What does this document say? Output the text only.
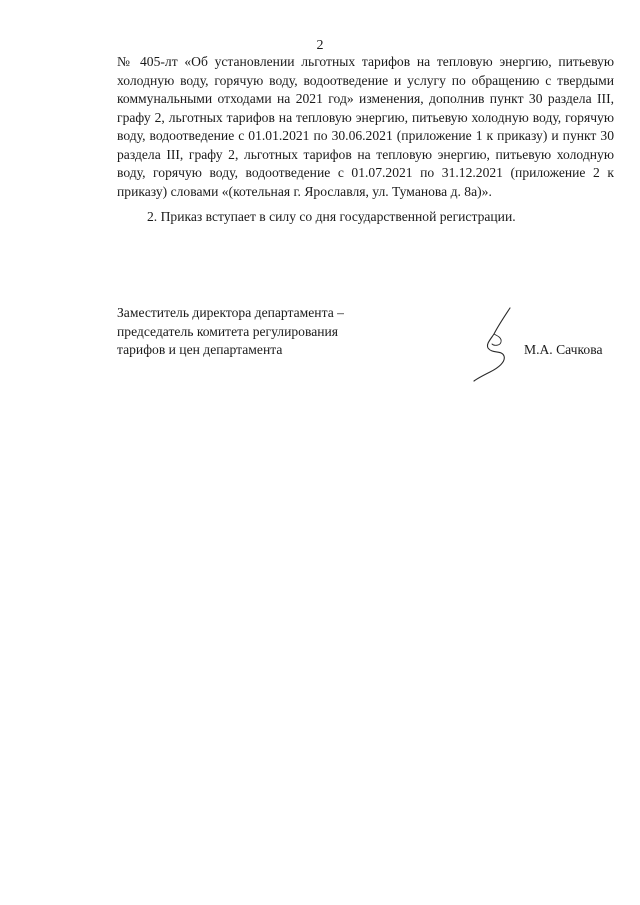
2

№ 405-лт «Об установлении льготных тарифов на тепловую энергию, питьевую холодную воду, горячую воду, водоотведение и услугу по обращению с твердыми коммунальными отходами на 2021 год» изменения, дополнив пункт 30 раздела III, графу 2, льготных тарифов на тепловую энергию, питьевую холодную воду, горячую воду, водоотведение с 01.01.2021 по 30.06.2021 (приложение 1 к приказу) и пункт 30 раздела III, графу 2, льготных тарифов на тепловую энергию, питьевую холодную воду, горячую воду, водоотведение с 01.07.2021 по 31.12.2021 (приложение 2 к приказу) словами «(котельная г. Ярославля, ул. Туманова д. 8а)».

2. Приказ вступает в силу со дня государственной регистрации.

Заместитель директора департамента –
председатель комитета регулирования
тарифов и цен департамента	М.А. Сачкова
